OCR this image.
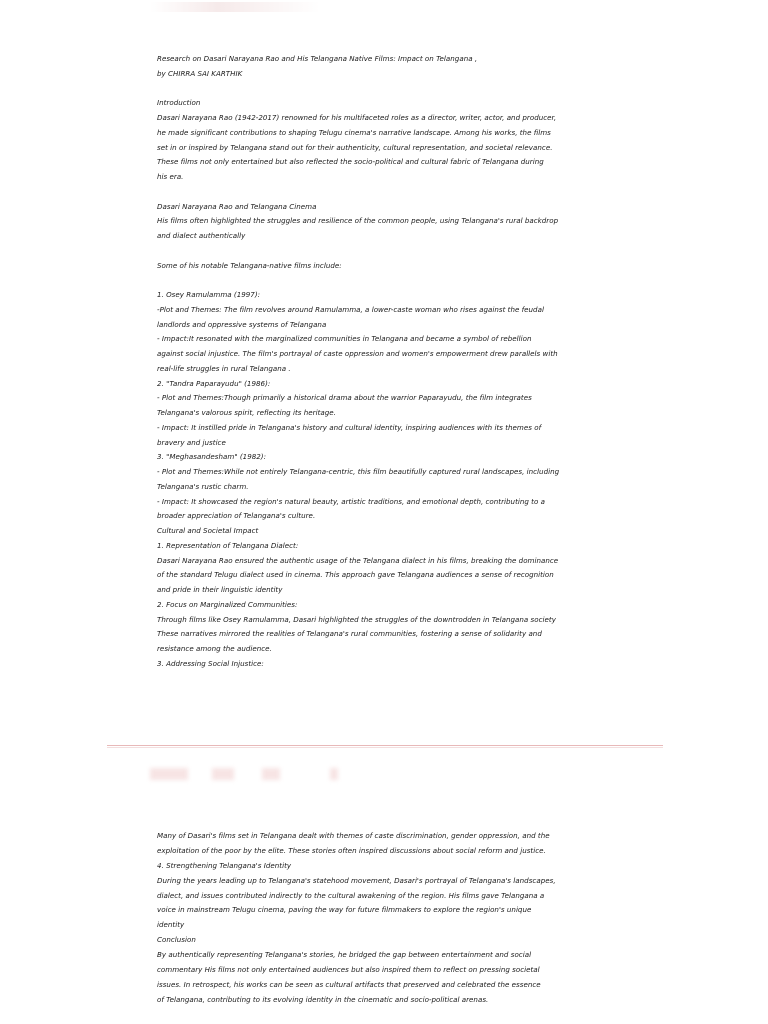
Research on Dasari Narayana Rao and His Telangana Native Films: Impact on Telangana ,
by CHIRRA SAI KARTHIK
Introduction
Dasari Narayana Rao (1942-2017) renowned for his multifaceted roles as a director, writer, actor, and producer,
he made significant contributions to shaping Telugu cinema's narrative landscape. Among his works, the films
set in or inspired by Telangana stand out for their authenticity, cultural representation, and societal relevance.
These films not only entertained but also reflected the socio-political and cultural fabric of Telangana during
his era.
Dasari Narayana Rao and Telangana Cinema
His films often highlighted the struggles and resilience of the common people, using Telangana's rural backdrop
and dialect authentically
Some of his notable Telangana-native films include:
1. Osey Ramulamma (1997):
-Plot and Themes: The film revolves around Ramulamma, a lower-caste woman who rises against the feudal
landlords and oppressive systems of Telangana
- Impact:It resonated with the marginalized communities in Telangana and became a symbol of rebellion
against social injustice. The film's portrayal of caste oppression and women's empowerment drew parallels with
real-life struggles in rural Telangana .
2. "Tandra Paparayudu" (1986):
- Plot and Themes:Though primarily a historical drama about the warrior Paparayudu, the film integrates
Telangana's valorous spirit, reflecting its heritage.
- Impact: It instilled pride in Telangana's history and cultural identity, inspiring audiences with its themes of
bravery and justice
3. "Meghasandesham" (1982):
- Plot and Themes:While not entirely Telangana-centric, this film beautifully captured rural landscapes, including
Telangana's rustic charm.
- Impact: It showcased the region's natural beauty, artistic traditions, and emotional depth, contributing to a
broader appreciation of Telangana's culture.
Cultural and Societal Impact
1. Representation of Telangana Dialect:
Dasari Narayana Rao ensured the authentic usage of the Telangana dialect in his films, breaking the dominance
of the standard Telugu dialect used in cinema. This approach gave Telangana audiences a sense of recognition
and pride in their linguistic identity
2. Focus on Marginalized Communities:
Through films like Osey Ramulamma, Dasari highlighted the struggles of the downtrodden in Telangana society
These narratives mirrored the realities of Telangana's rural communities, fostering a sense of solidarity and
resistance among the audience.
3. Addressing Social Injustice:
Many of Dasari's films set in Telangana dealt with themes of caste discrimination, gender oppression, and the
exploitation of the poor by the elite. These stories often inspired discussions about social reform and justice.
4. Strengthening Telangana's Identity
During the years leading up to Telangana's statehood movement, Dasari's portrayal of Telangana's landscapes,
dialect, and issues contributed indirectly to the cultural awakening of the region. His films gave Telangana a
voice in mainstream Telugu cinema, paving the way for future filmmakers to explore the region's unique
identity
Conclusion
By authentically representing Telangana's stories, he bridged the gap between entertainment and social
commentary His films not only entertained audiences but also inspired them to reflect on pressing societal
issues. In retrospect, his works can be seen as cultural artifacts that preserved and celebrated the essence
of Telangana, contributing to its evolving identity in the cinematic and socio-political arenas.
